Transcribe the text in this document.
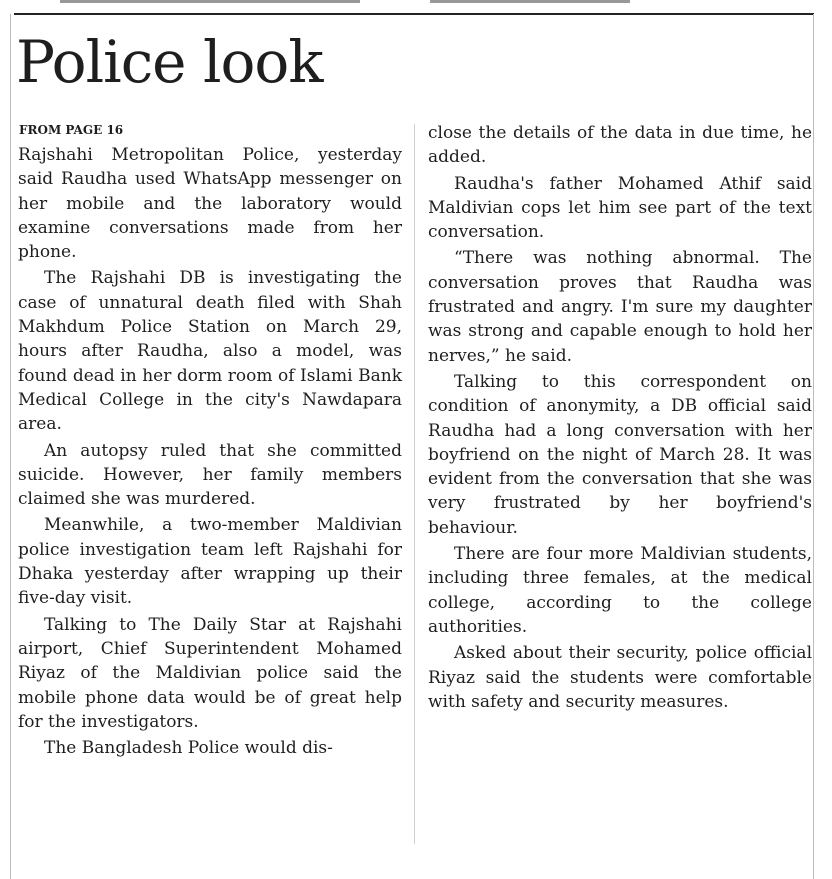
Police look
FROM PAGE 16

Rajshahi Metropolitan Police, yesterday said Raudha used WhatsApp messenger on her mobile and the laboratory would examine conversations made from her phone.

The Rajshahi DB is investigating the case of unnatural death filed with Shah Makhdum Police Station on March 29, hours after Raudha, also a model, was found dead in her dorm room of Islami Bank Medical College in the city's Nawdapara area.

An autopsy ruled that she committed suicide. However, her family members claimed she was murdered.

Meanwhile, a two-member Maldivian police investigation team left Rajshahi for Dhaka yesterday after wrapping up their five-day visit.

Talking to The Daily Star at Rajshahi airport, Chief Superintendent Mohamed Riyaz of the Maldivian police said the mobile phone data would be of great help for the investigators.

The Bangladesh Police would dis-

close the details of the data in due time, he added.

Raudha's father Mohamed Athif said Maldivian cops let him see part of the text conversation.

“There was nothing abnormal. The conversation proves that Raudha was frustrated and angry. I'm sure my daughter was strong and capable enough to hold her nerves,” he said.

Talking to this correspondent on condition of anonymity, a DB official said Raudha had a long conversation with her boyfriend on the night of March 28. It was evident from the conversation that she was very frustrated by her boyfriend's behaviour.

There are four more Maldivian students, including three females, at the medical college, according to the college authorities.

Asked about their security, police official Riyaz said the students were comfortable with safety and security measures.
